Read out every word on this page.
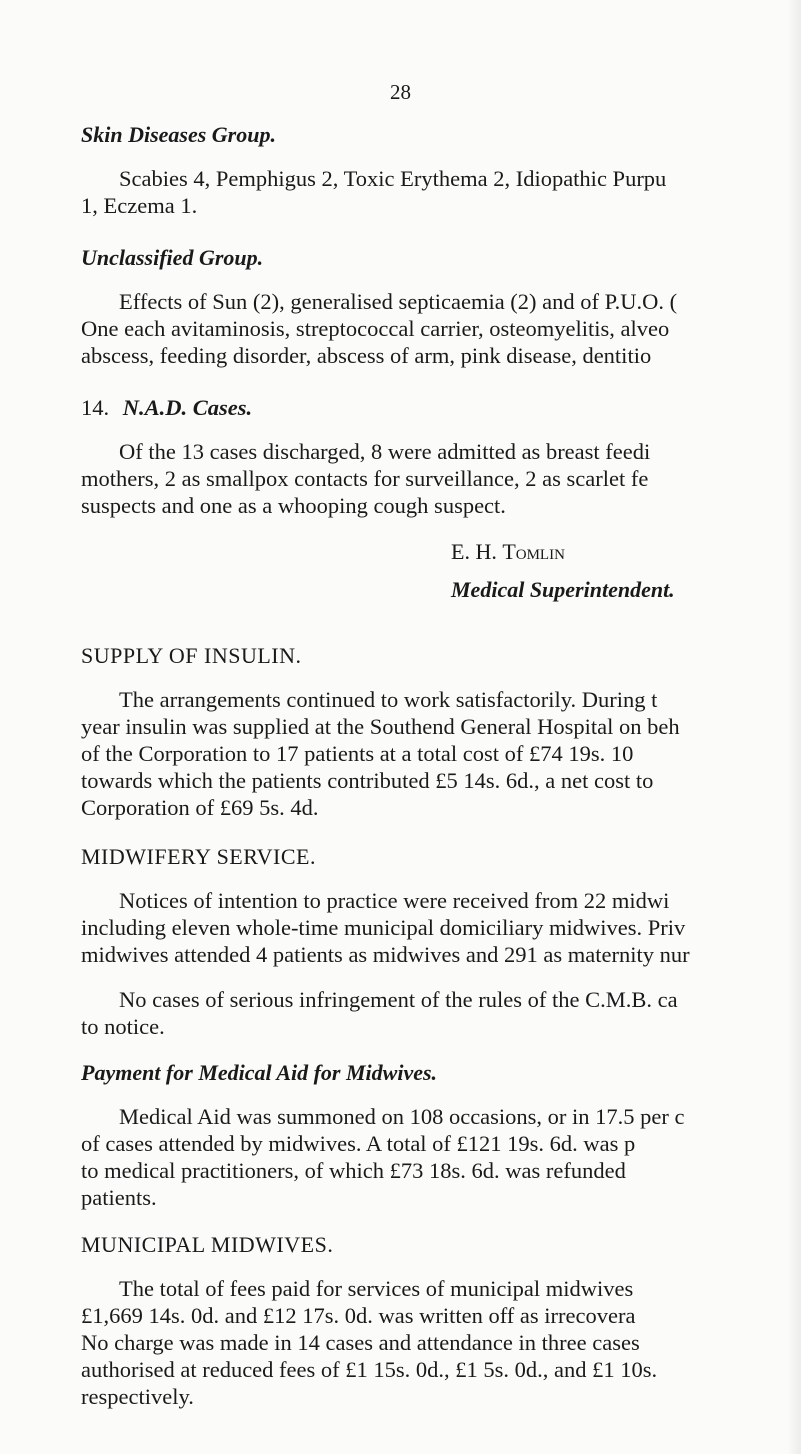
28
Skin Diseases Group.
Scabies 4, Pemphigus 2, Toxic Erythema 2, Idiopathic Purpu
1, Eczema 1.
Unclassified Group.
Effects of Sun (2), generalised septicaemia (2) and of P.U.O. (
One each avitaminosis, streptococcal carrier, osteomyelitis, alveo
abscess, feeding disorder, abscess of arm, pink disease, dentitio
14. N.A.D. Cases.
Of the 13 cases discharged, 8 were admitted as breast feedi
mothers, 2 as smallpox contacts for surveillance, 2 as scarlet fe
suspects and one as a whooping cough suspect.
E. H. Tomlin
Medical Superintendent.
SUPPLY OF INSULIN.
The arrangements continued to work satisfactorily. During t
year insulin was supplied at the Southend General Hospital on beh
of the Corporation to 17 patients at a total cost of £74 19s. 10
towards which the patients contributed £5 14s. 6d., a net cost to
Corporation of £69 5s. 4d.
MIDWIFERY SERVICE.
Notices of intention to practice were received from 22 midwi
including eleven whole-time municipal domiciliary midwives. Priv
midwives attended 4 patients as midwives and 291 as maternity nur
No cases of serious infringement of the rules of the C.M.B. ca
to notice.
Payment for Medical Aid for Midwives.
Medical Aid was summoned on 108 occasions, or in 17.5 per c
of cases attended by midwives. A total of £121 19s. 6d. was p
to medical practitioners, of which £73 18s. 6d. was refunded
patients.
MUNICIPAL MIDWIVES.
The total of fees paid for services of municipal midwives
£1,669 14s. 0d. and £12 17s. 0d. was written off as irrecovera
No charge was made in 14 cases and attendance in three cases
authorised at reduced fees of £1 15s. 0d., £1 5s. 0d., and £1 10s.
respectively.
